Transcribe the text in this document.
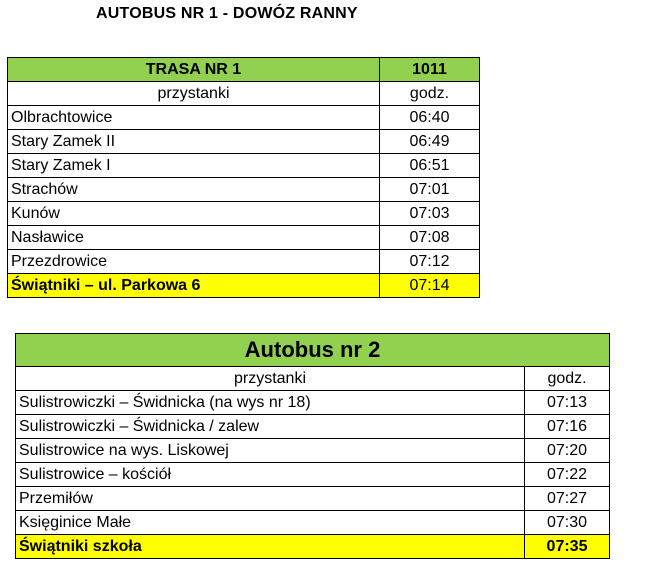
AUTOBUS NR 1 - DOWÓZ RANNY
TRASA NR 1	1011
przystanki	godz.
Olbrachtowice	06:40
Stary Zamek II	06:49
Stary Zamek I	06:51
Strachów	07:01
Kunów	07:03
Nasławice	07:08
Przezdrowice	07:12
Świątniki – ul. Parkowa 6	07:14
Autobus nr 2	
przystanki	godz.
Sulistrowiczki – Świdnicka (na wys nr 18)	07:13
Sulistrowiczki – Świdnicka / zalew	07:16
Sulistrowice na wys. Liskowej	07:20
Sulistrowice – kościół	07:22
Przemiłów	07:27
Księginice Małe	07:30
Świątniki szkoła	07:35
